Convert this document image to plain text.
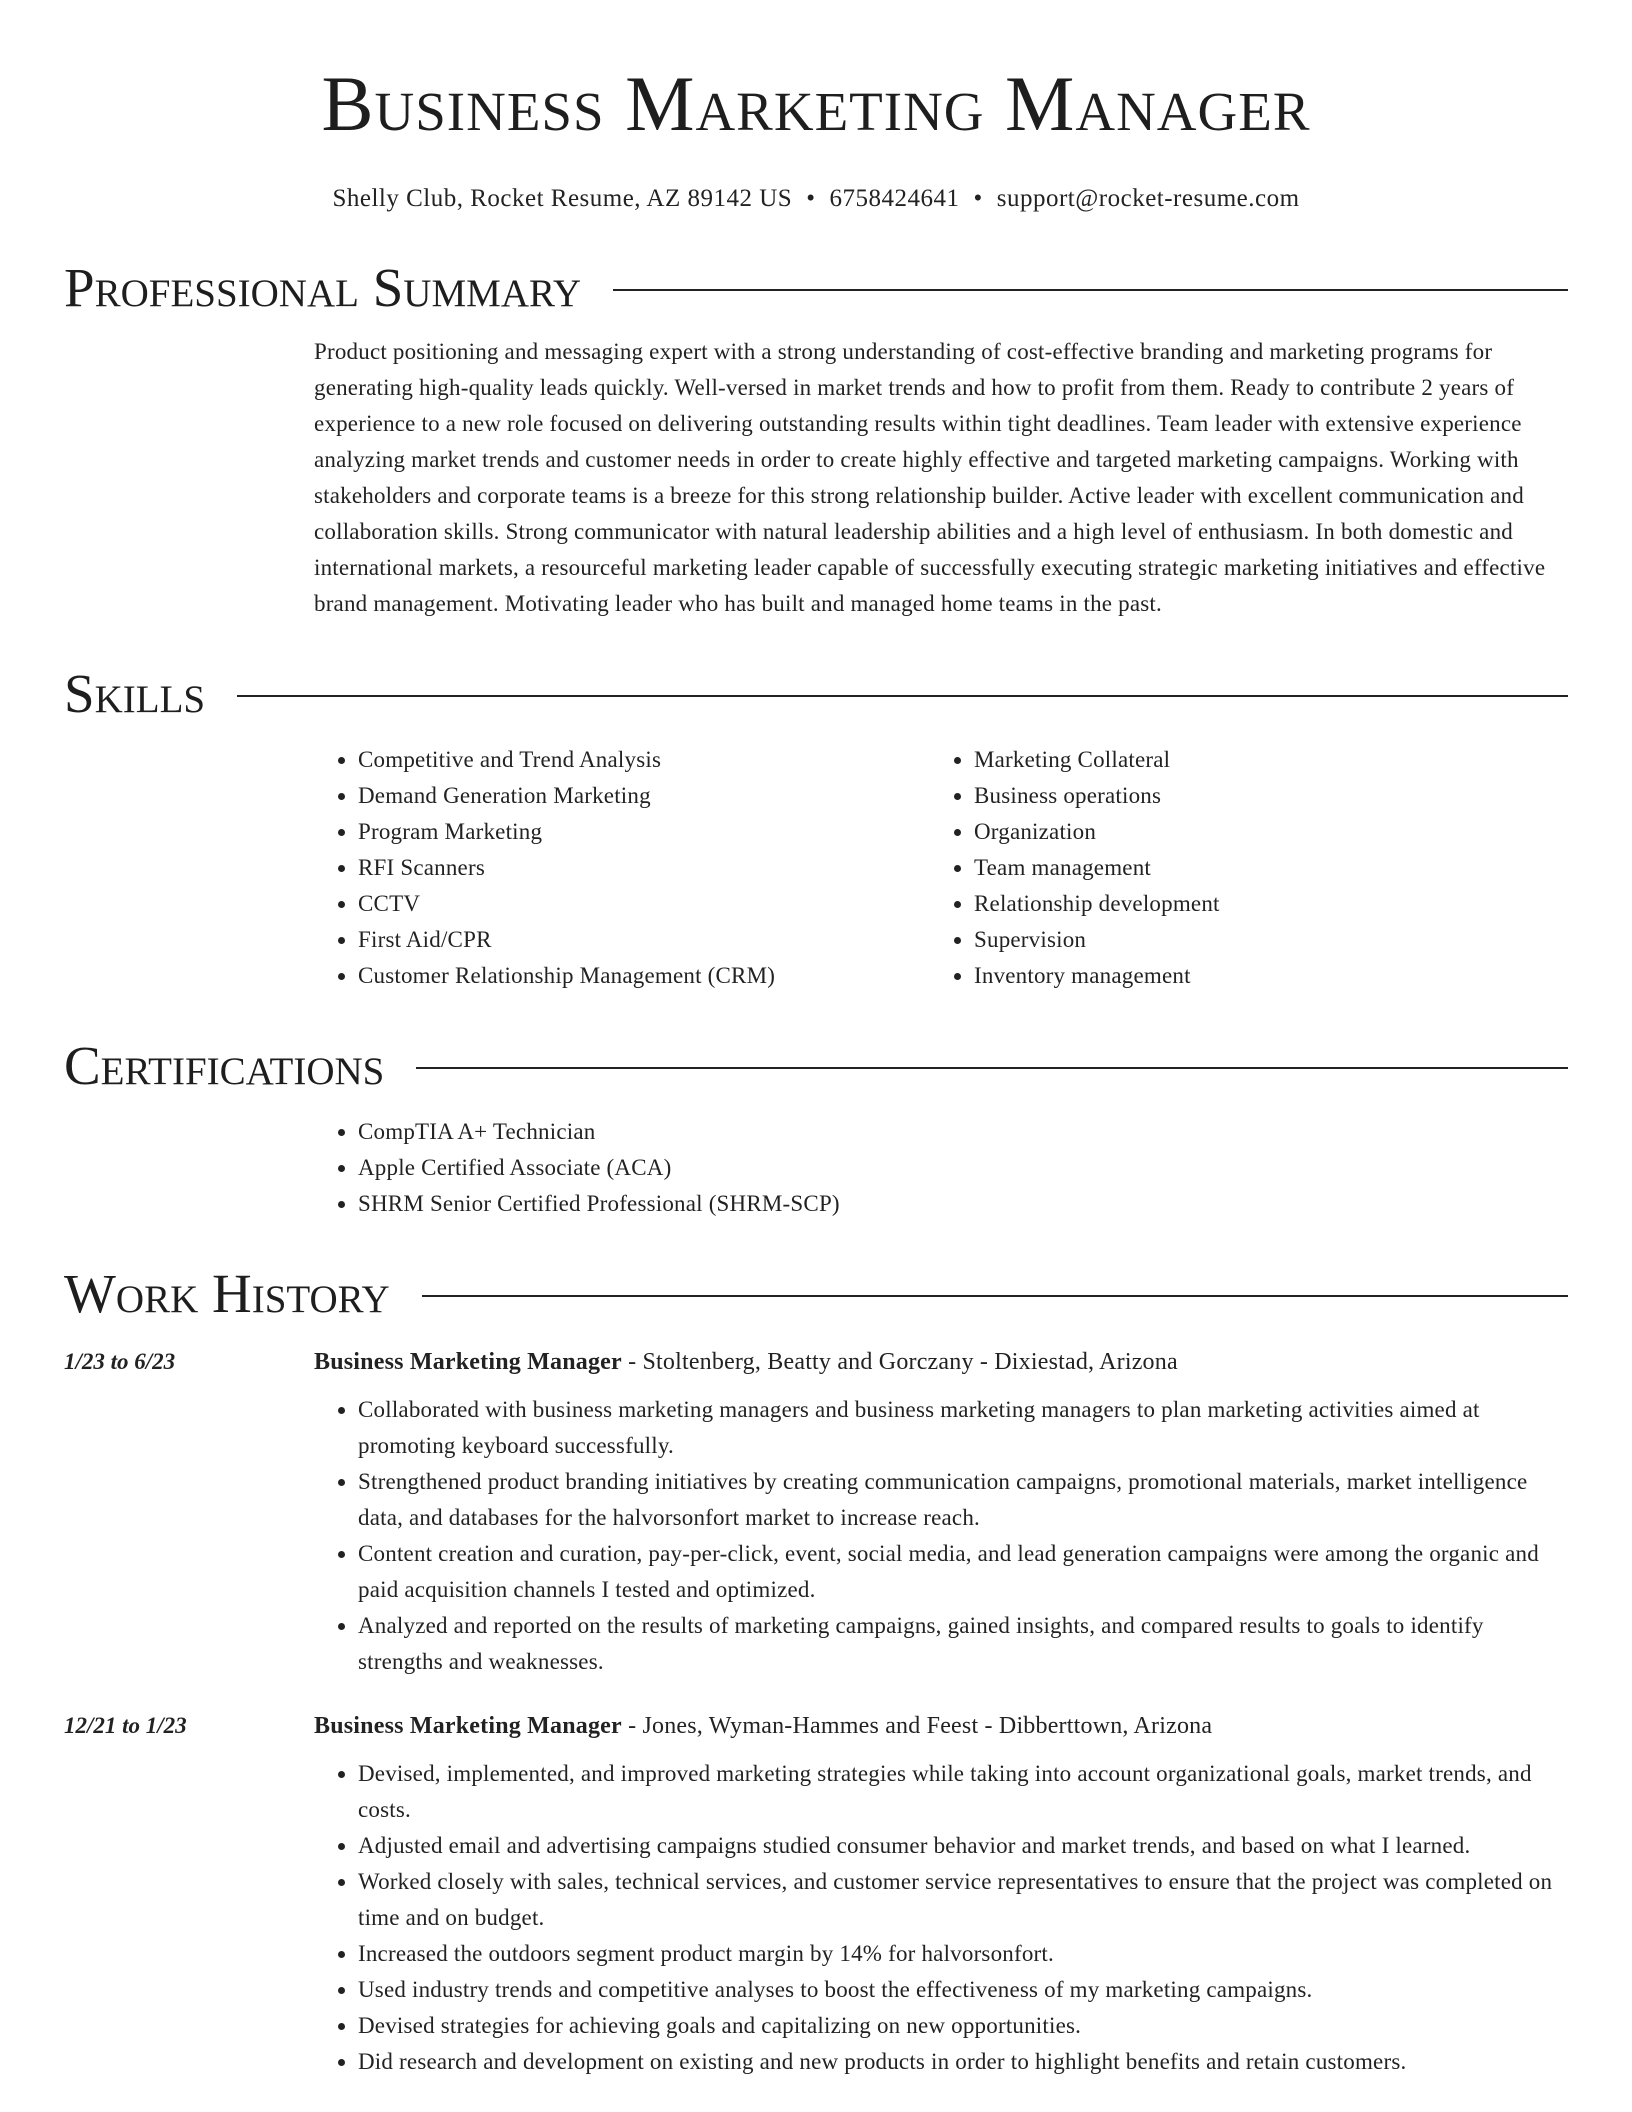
Business Marketing Manager
Shelly Club, Rocket Resume, AZ 89142 US • 6758424641 • support@rocket-resume.com
Professional Summary
Product positioning and messaging expert with a strong understanding of cost-effective branding and marketing programs for generating high-quality leads quickly. Well-versed in market trends and how to profit from them. Ready to contribute 2 years of experience to a new role focused on delivering outstanding results within tight deadlines. Team leader with extensive experience analyzing market trends and customer needs in order to create highly effective and targeted marketing campaigns. Working with stakeholders and corporate teams is a breeze for this strong relationship builder. Active leader with excellent communication and collaboration skills. Strong communicator with natural leadership abilities and a high level of enthusiasm. In both domestic and international markets, a resourceful marketing leader capable of successfully executing strategic marketing initiatives and effective brand management. Motivating leader who has built and managed home teams in the past.
Skills
• Competitive and Trend Analysis
• Demand Generation Marketing
• Program Marketing
• RFI Scanners
• CCTV
• First Aid/CPR
• Customer Relationship Management (CRM)
• Marketing Collateral
• Business operations
• Organization
• Team management
• Relationship development
• Supervision
• Inventory management
Certifications
• CompTIA A+ Technician
• Apple Certified Associate (ACA)
• SHRM Senior Certified Professional (SHRM-SCP)
Work History
1/23 to 6/23	Business Marketing Manager - Stoltenberg, Beatty and Gorczany - Dixiestad, Arizona
• Collaborated with business marketing managers and business marketing managers to plan marketing activities aimed at promoting keyboard successfully.
• Strengthened product branding initiatives by creating communication campaigns, promotional materials, market intelligence data, and databases for the halvorsonfort market to increase reach.
• Content creation and curation, pay-per-click, event, social media, and lead generation campaigns were among the organic and paid acquisition channels I tested and optimized.
• Analyzed and reported on the results of marketing campaigns, gained insights, and compared results to goals to identify strengths and weaknesses.
12/21 to 1/23	Business Marketing Manager - Jones, Wyman-Hammes and Feest - Dibberttown, Arizona
• Devised, implemented, and improved marketing strategies while taking into account organizational goals, market trends, and costs.
• Adjusted email and advertising campaigns studied consumer behavior and market trends, and based on what I learned.
• Worked closely with sales, technical services, and customer service representatives to ensure that the project was completed on time and on budget.
• Increased the outdoors segment product margin by 14% for halvorsonfort.
• Used industry trends and competitive analyses to boost the effectiveness of my marketing campaigns.
• Devised strategies for achieving goals and capitalizing on new opportunities.
• Did research and development on existing and new products in order to highlight benefits and retain customers.
